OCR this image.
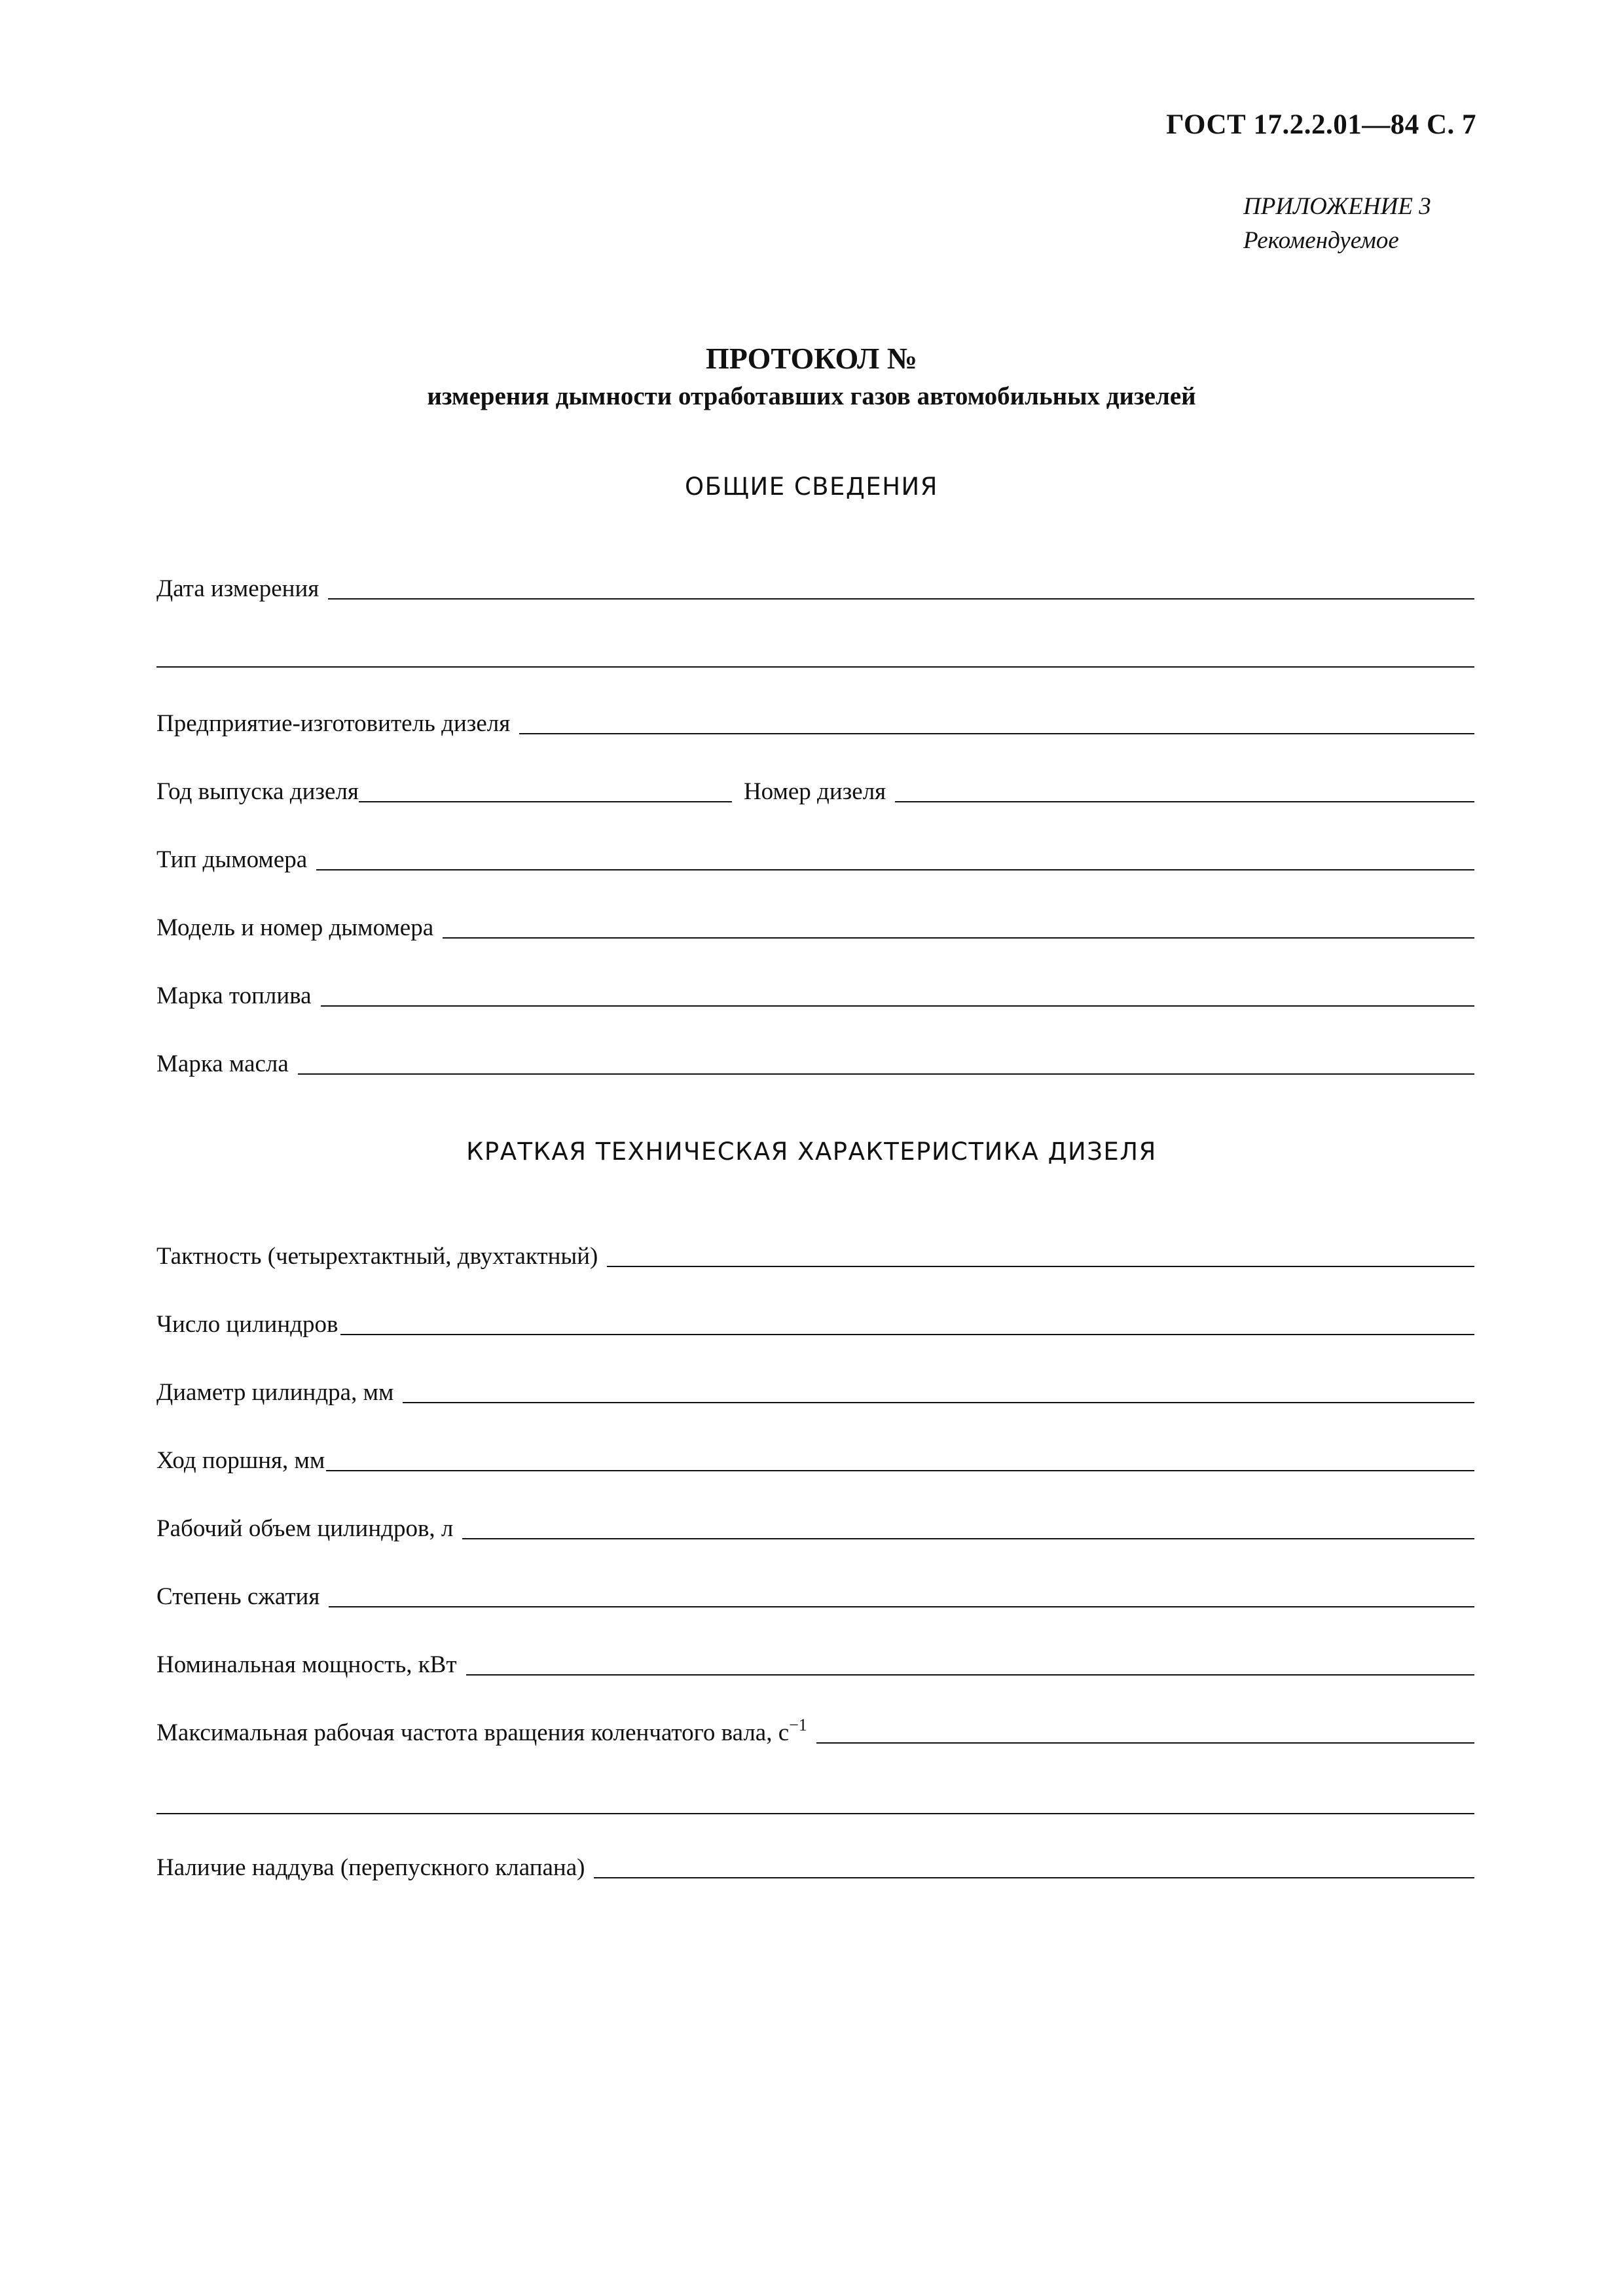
ГОСТ 17.2.2.01—84 С. 7
ПРИЛОЖЕНИЕ 3
Рекомендуемое
ПРОТОКОЛ №
измерения дымности отработавших газов автомобильных дизелей
ОБЩИЕ СВЕДЕНИЯ
Дата измерения
Предприятие-изготовитель дизеля
Год выпуска дизеля	Номер дизеля
Тип дымомера
Модель и номер дымомера
Марка топлива
Марка масла
КРАТКАЯ ТЕХНИЧЕСКАЯ ХАРАКТЕРИСТИКА ДИЗЕЛЯ
Тактность (четырехтактный, двухтактный)
Число цилиндров
Диаметр цилиндра, мм
Ход поршня, мм
Рабочий объем цилиндров, л
Степень сжатия
Номинальная мощность, кВт
Максимальная рабочая частота вращения коленчатого вала, $с^{-1}$
Наличие наддува (перепускного клапана)
